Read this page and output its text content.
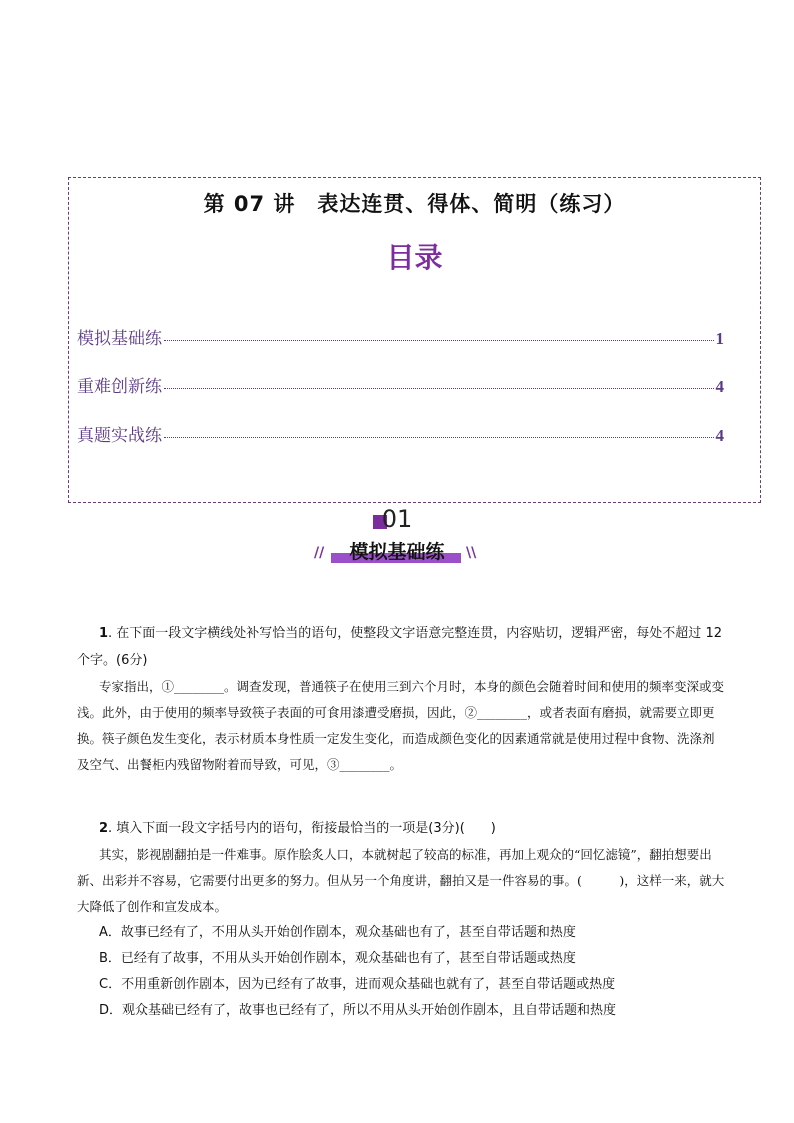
第 07 讲　表达连贯、得体、简明（练习）
目录
模拟基础练	1
重难创新练	4
真题实战练	4
01
//	模拟基础练	\\
1. 在下面一段文字横线处补写恰当的语句，使整段文字语意完整连贯，内容贴切，逻辑严密，每处不超过 12 个字。(6分)
专家指出，①________。调查发现，普通筷子在使用三到六个月时，本身的颜色会随着时间和使用的频率变深或变浅。此外，由于使用的频率导致筷子表面的可食用漆遭受磨损，因此，②________，或者表面有磨损，就需要立即更换。筷子颜色发生变化，表示材质本身性质一定发生变化，而造成颜色变化的因素通常就是使用过程中食物、洗涤剂及空气、出餐柜内残留物附着而导致，可见，③________。
2. 填入下面一段文字括号内的语句，衔接最恰当的一项是(3分)(　　)
其实，影视剧翻拍是一件难事。原作脍炙人口，本就树起了较高的标准，再加上观众的“回忆滤镜”，翻拍想要出新、出彩并不容易，它需要付出更多的努力。但从另一个角度讲，翻拍又是一件容易的事。(　　　)，这样一来，就大大降低了创作和宣发成本。
A．故事已经有了，不用从头开始创作剧本，观众基础也有了，甚至自带话题和热度
B．已经有了故事，不用从头开始创作剧本，观众基础也有了，甚至自带话题或热度
C．不用重新创作剧本，因为已经有了故事，进而观众基础也就有了，甚至自带话题或热度
D．观众基础已经有了，故事也已经有了，所以不用从头开始创作剧本，且自带话题和热度
